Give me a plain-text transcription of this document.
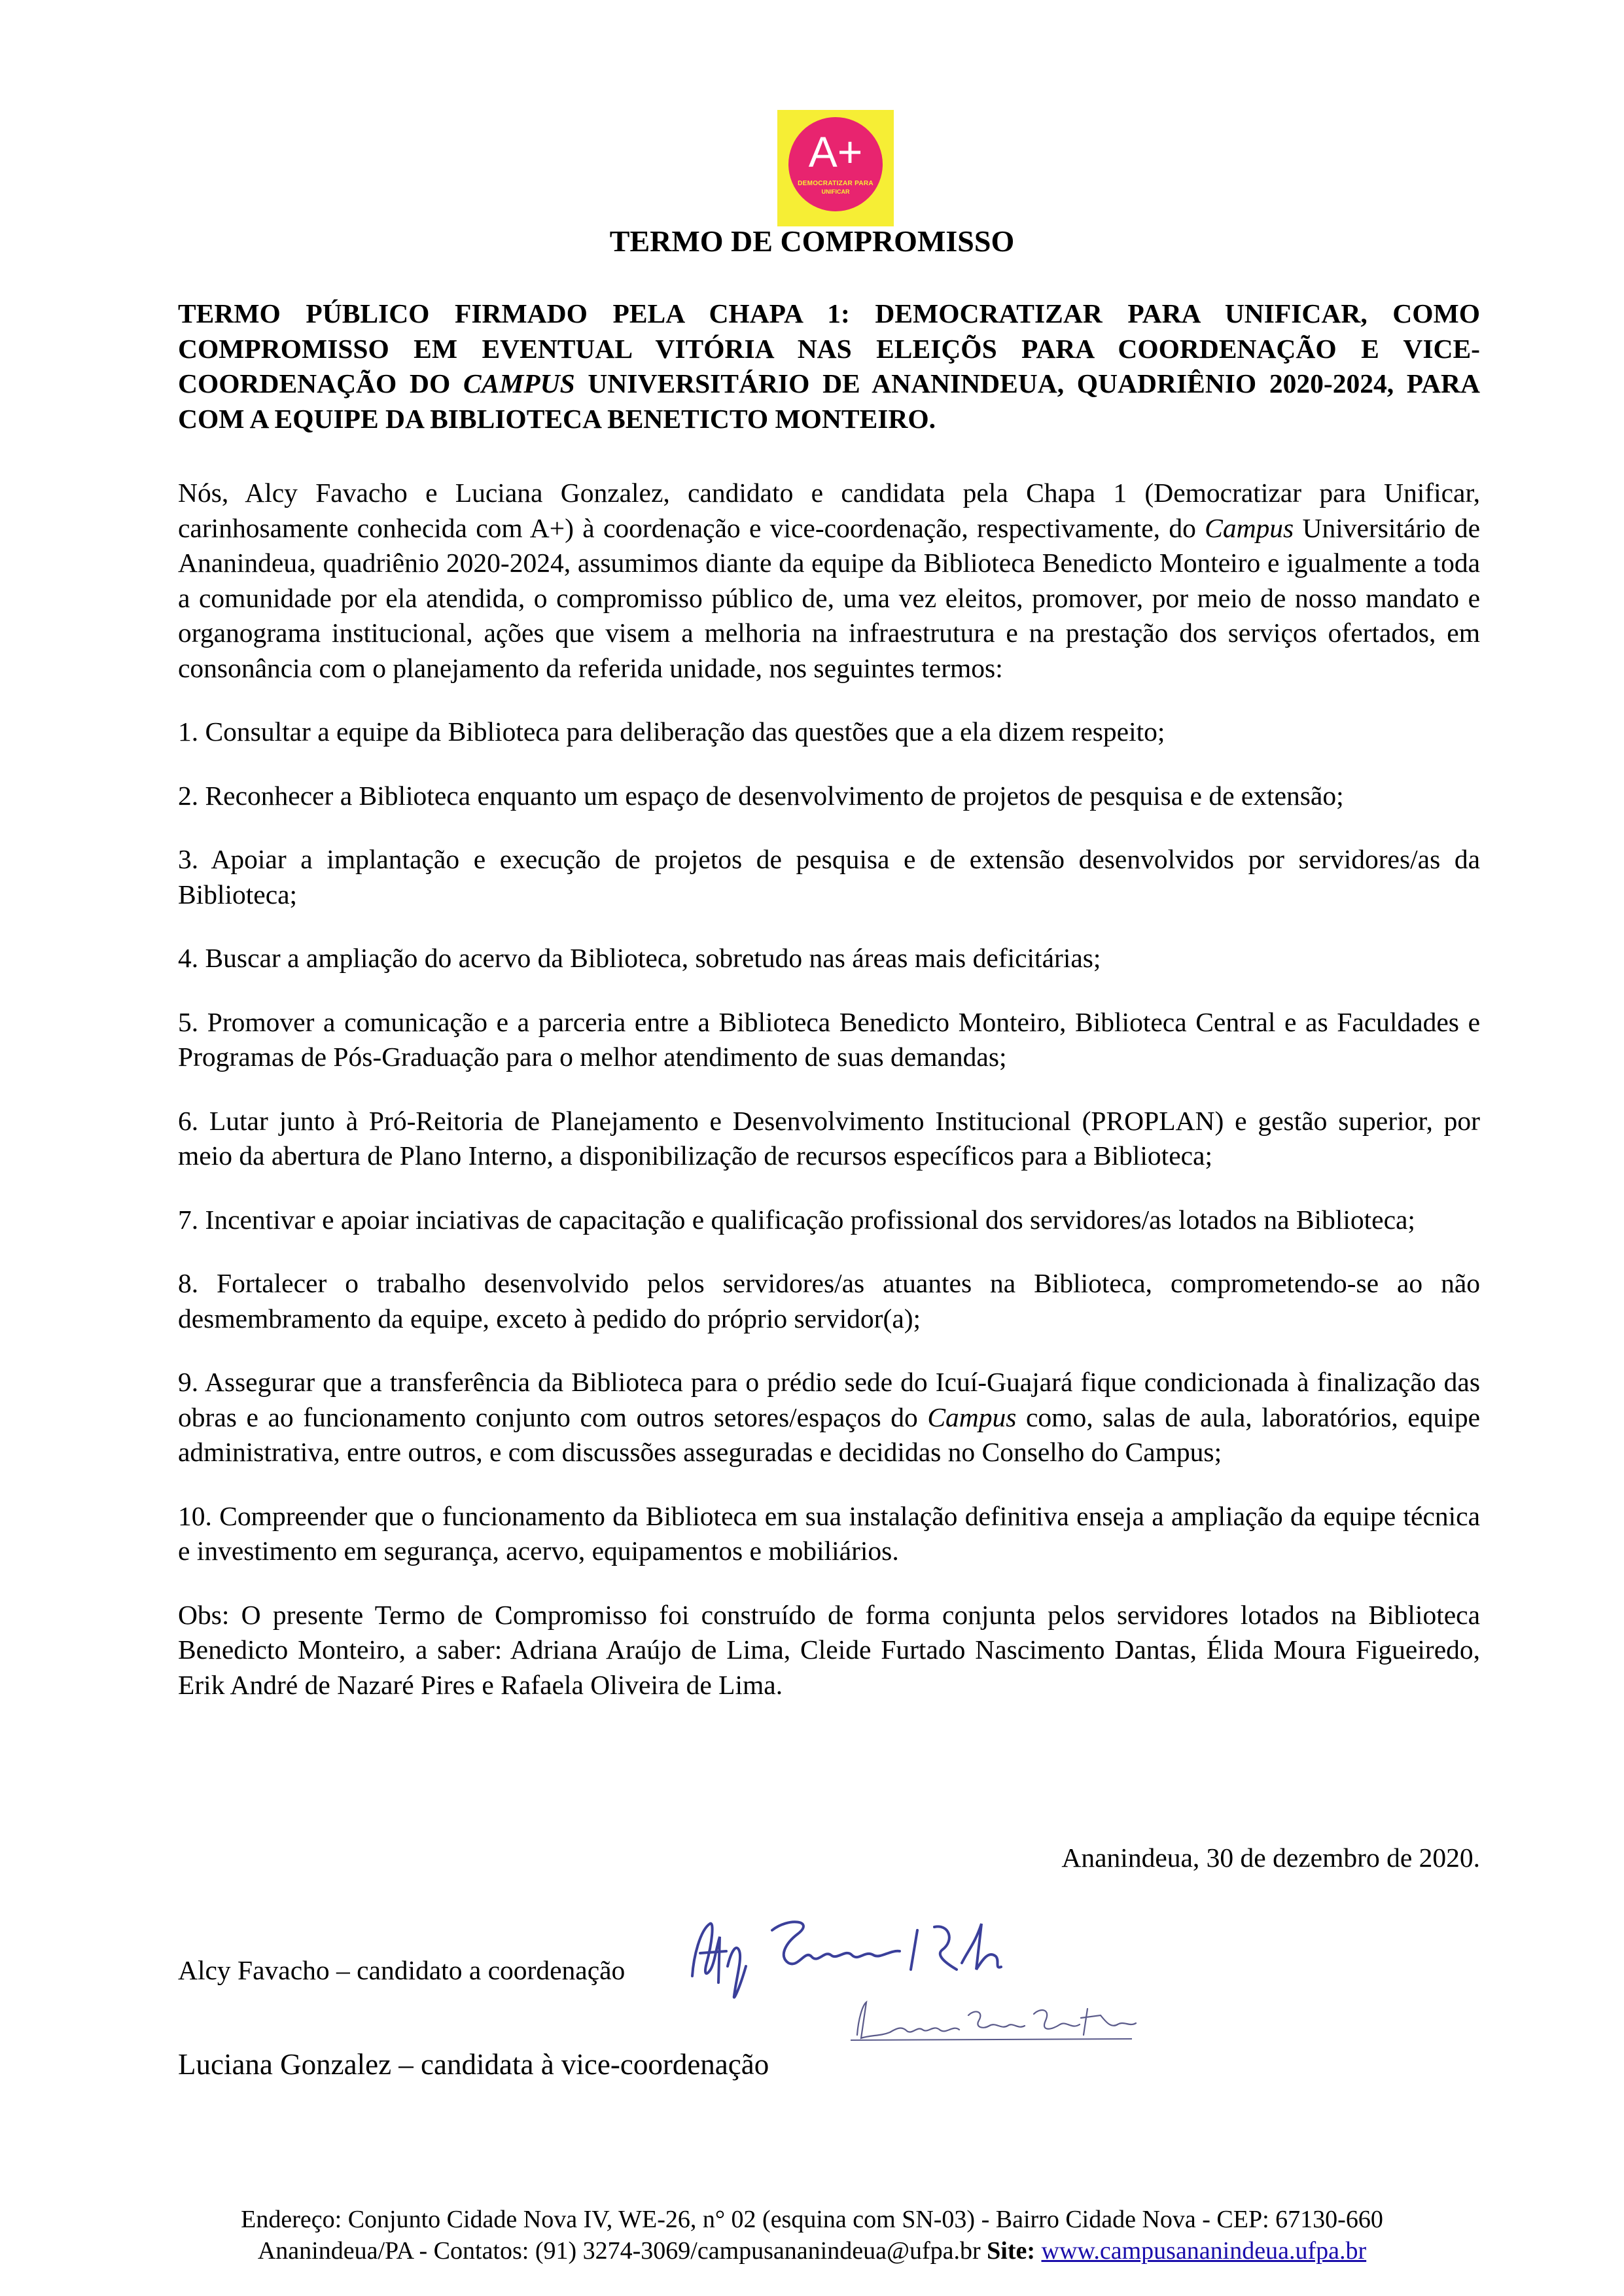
A+
DEMOCRATIZAR PARA
UNIFICAR
TERMO DE COMPROMISSO

TERMO PÚBLICO FIRMADO PELA CHAPA 1: DEMOCRATIZAR PARA UNIFICAR, COMO COMPROMISSO EM EVENTUAL VITÓRIA NAS ELEIÇÕS PARA COORDENAÇÃO E VICE-COORDENAÇÃO DO CAMPUS UNIVERSITÁRIO DE ANANINDEUA, QUADRIÊNIO 2020-2024, PARA COM A EQUIPE DA BIBLIOTECA BENETICTO MONTEIRO.

Nós, Alcy Favacho e Luciana Gonzalez, candidato e candidata pela Chapa 1 (Democratizar para Unificar, carinhosamente conhecida com A+) à coordenação e vice-coordenação, respectivamente, do Campus Universitário de Ananindeua, quadriênio 2020-2024, assumimos diante da equipe da Biblioteca Benedicto Monteiro e igualmente a toda a comunidade por ela atendida, o compromisso público de, uma vez eleitos, promover, por meio de nosso mandato e organograma institucional, ações que visem a melhoria na infraestrutura e na prestação dos serviços ofertados, em consonância com o planejamento da referida unidade, nos seguintes termos:

1. Consultar a equipe da Biblioteca para deliberação das questões que a ela dizem respeito;

2. Reconhecer a Biblioteca enquanto um espaço de desenvolvimento de projetos de pesquisa e de extensão;

3. Apoiar a implantação e execução de projetos de pesquisa e de extensão desenvolvidos por servidores/as da Biblioteca;

4. Buscar a ampliação do acervo da Biblioteca, sobretudo nas áreas mais deficitárias;

5. Promover a comunicação e a parceria entre a Biblioteca Benedicto Monteiro, Biblioteca Central e as Faculdades e Programas de Pós-Graduação para o melhor atendimento de suas demandas;

6. Lutar junto à Pró-Reitoria de Planejamento e Desenvolvimento Institucional (PROPLAN) e gestão superior, por meio da abertura de Plano Interno, a disponibilização de recursos específicos para a Biblioteca;

7. Incentivar e apoiar inciativas de capacitação e qualificação profissional dos servidores/as lotados na Biblioteca;

8. Fortalecer o trabalho desenvolvido pelos servidores/as atuantes na Biblioteca, comprometendo-se ao não desmembramento da equipe, exceto à pedido do próprio servidor(a);

9. Assegurar que a transferência da Biblioteca para o prédio sede do Icuí-Guajará fique condicionada à finalização das obras e ao funcionamento conjunto com outros setores/espaços do Campus como, salas de aula, laboratórios, equipe administrativa, entre outros, e com discussões asseguradas e decididas no Conselho do Campus;

10. Compreender que o funcionamento da Biblioteca em sua instalação definitiva enseja a ampliação da equipe técnica e investimento em segurança, acervo, equipamentos e mobiliários.

Obs: O presente Termo de Compromisso foi construído de forma conjunta pelos servidores lotados na Biblioteca Benedicto Monteiro, a saber: Adriana Araújo de Lima, Cleide Furtado Nascimento Dantas, Élida Moura Figueiredo, Erik André de Nazaré Pires e Rafaela Oliveira de Lima.

Ananindeua, 30 de dezembro de 2020.
Alcy Favacho – candidato a coordenação
Luciana Gonzalez – candidata à vice-coordenação
Endereço: Conjunto Cidade Nova IV, WE-26, n° 02 (esquina com SN-03) - Bairro Cidade Nova - CEP: 67130-660
Ananindeua/PA - Contatos: (91) 3274-3069/campusananindeua@ufpa.br Site: www.campusananindeua.ufpa.br
